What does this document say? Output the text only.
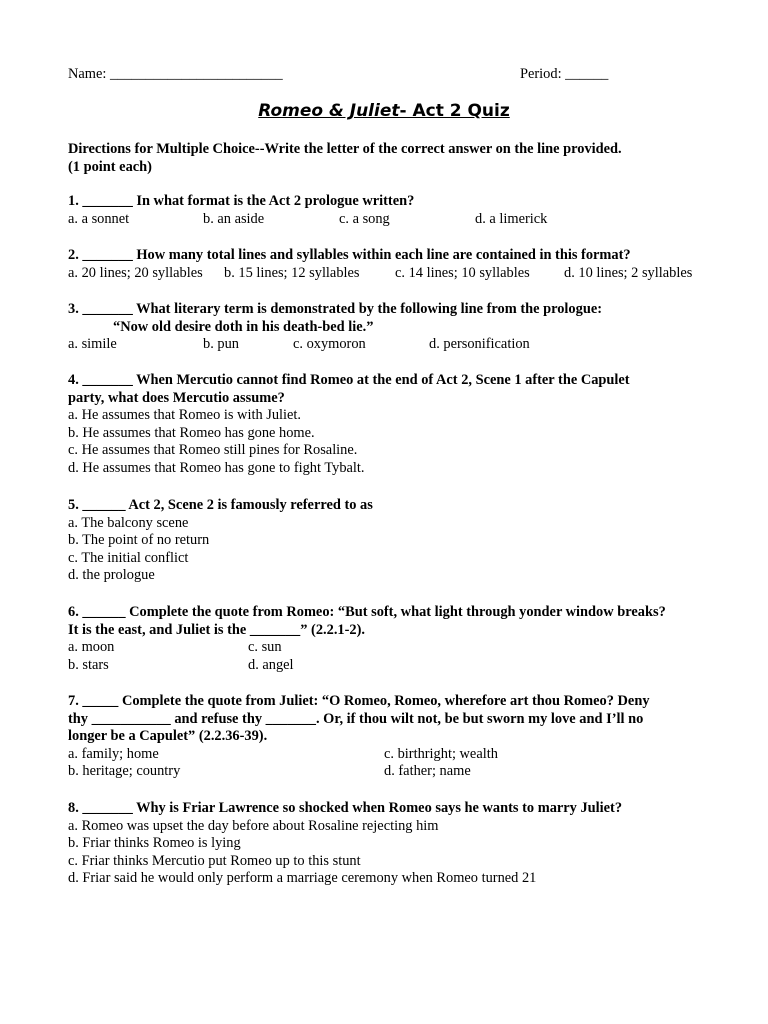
Name: ________________________	Period: ______
Romeo & Juliet- Act 2 Quiz
Directions for Multiple Choice--Write the letter of the correct answer on the line provided.
(1 point each)
1. _______ In what format is the Act 2 prologue written?
a. a sonnet	b. an aside	c. a song	d. a limerick
2. _______ How many total lines and syllables within each line are contained in this format?
a. 20 lines; 20 syllables b. 15 lines; 12 syllables c. 14 lines; 10 syllables d. 10 lines; 2 syllables
3. _______ What literary term is demonstrated by the following line from the prologue:
“Now old desire doth in his death-bed lie.”
a. simile	b. pun	c. oxymoron	d. personification
4. _______ When Mercutio cannot find Romeo at the end of Act 2, Scene 1 after the Capulet
party, what does Mercutio assume?
a. He assumes that Romeo is with Juliet.
b. He assumes that Romeo has gone home.
c. He assumes that Romeo still pines for Rosaline.
d. He assumes that Romeo has gone to fight Tybalt.
5. ______ Act 2, Scene 2 is famously referred to as
a. The balcony scene
b. The point of no return
c. The initial conflict
d. the prologue
6. ______ Complete the quote from Romeo: “But soft, what light through yonder window breaks?
It is the east, and Juliet is the _______” (2.2.1-2).
a. moon	c. sun
b. stars	d. angel
7. _____ Complete the quote from Juliet: “O Romeo, Romeo, wherefore art thou Romeo? Deny
thy ___________ and refuse thy _______. Or, if thou wilt not, be but sworn my love and I’ll no
longer be a Capulet” (2.2.36-39).
a. family; home	c. birthright; wealth
b. heritage; country	d. father; name
8. _______ Why is Friar Lawrence so shocked when Romeo says he wants to marry Juliet?
a. Romeo was upset the day before about Rosaline rejecting him
b. Friar thinks Romeo is lying
c. Friar thinks Mercutio put Romeo up to this stunt
d. Friar said he would only perform a marriage ceremony when Romeo turned 21
